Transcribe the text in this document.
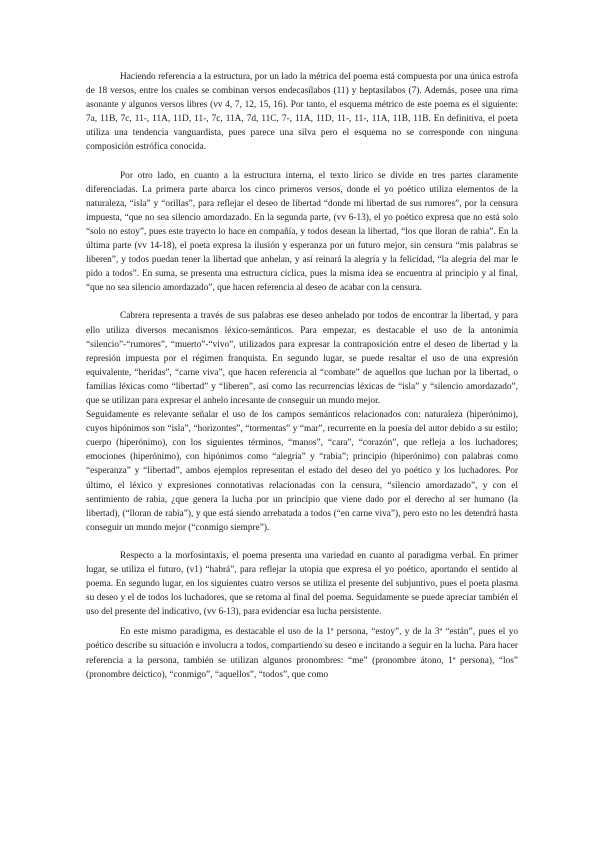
Haciendo referencia a la estructura, por un lado la métrica del poema está compuesta por una única estrofa de 18 versos, entre los cuales se combinan versos endecasílabos (11) y heptasílabos (7). Además, posee una rima asonante y algunos versos libres (vv 4, 7, 12, 15, 16). Por tanto, el esquema métrico de este poema es el siguiente: 7a, 11B, 7c, 11-, 11A, 11D, 11-, 7c, 11A, 7d, 11C, 7-, 11A, 11D, 11-, 11-, 11A, 11B, 11B. En definitiva, el poeta utiliza una tendencia vanguardista, pues parece una silva pero el esquema no se corresponde con ninguna composición estrófica conocida.

Por otro lado, en cuanto a la estructura interna, el texto lírico se divide en tres partes claramente diferenciadas. La primera parte abarca los cinco primeros versos, donde el yo poético utiliza elementos de la naturaleza, “isla” y “orillas”, para reflejar el deseo de libertad “donde mi libertad de sus rumores”, por la censura impuesta, “que no sea silencio amordazado. En la segunda parte, (vv 6-13), el yo poético expresa que no está solo “solo no estoy”, pues este trayecto lo hace en compañía, y todos desean la libertad, “los que lloran de rabia”. En la última parte (vv 14-18), el poeta expresa la ilusión y esperanza por un futuro mejor, sin censura “mis palabras se liberen”, y todos puedan tener la libertad que anhelan, y así reinará la alegría y la felicidad, “la alegría del mar le pido a todos”. En suma, se presenta una estructura cíclica, pues la misma idea se encuentra al principio y al final, “que no sea silencio amordazado”, que hacen referencia al deseo de acabar con la censura.

Cabrera representa a través de sus palabras ese deseo anhelado por todos de encontrar la libertad, y para ello utiliza diversos mecanismos léxico-semánticos. Para empezar, es destacable el uso de la antonimia “silencio”-“rumores”, “muerto”-“vivo”, utilizados para expresar la contraposición entre el deseo de libertad y la represión impuesta por el régimen franquista. En segundo lugar, se puede resaltar el uso de una expresión equivalente, “heridas”, “carne viva”, que hacen referencia al “combate” de aquellos que luchan por la libertad, o familias léxicas como “libertad” y “liberen”, así como las recurrencias léxicas de “isla” y “silencio amordazado”, que se utilizan para expresar el anhelo incesante de conseguir un mundo mejor.

Seguidamente es relevante señalar el uso de los campos semánticos relacionados con: naturaleza (hiperónimo), cuyos hipónimos son “isla”, “horizontes”, “tormentas” y “mar”, recurrente en la poesía del autor debido a su estilo; cuerpo (hiperónimo), con los siguientes términos, “manos”, “cara”, “corazón”, que refleja a los luchadores; emociones (hiperónimo), con hipónimos como “alegría” y “rabia”; principio (hiperónimo) con palabras como “esperanza” y “libertad”, ambos ejemplos representan el estado del deseo del yo poético y los luchadores. Por último, el léxico y expresiones connotativas relacionadas con la censura, “silencio amordazado”, y con el sentimiento de rabia, ¿que genera la lucha por un principio que viene dado por el derecho al ser humano (la libertad), (“lloran de rabia”), y que está siendo arrebatada a todos (“en carne viva”), pero esto no les detendrá hasta conseguir un mundo mejor (“conmigo siempre”).

Respecto a la morfosintaxis, el poema presenta una variedad en cuanto al paradigma verbal. En primer lugar, se utiliza el futuro, (v1) “habrá”, para reflejar la utopía que expresa el yo poético, aportando el sentido al poema. En segundo lugar, en los siguientes cuatro versos se utiliza el presente del subjuntivo, pues el poeta plasma su deseo y el de todos los luchadores, que se retoma al final del poema. Seguidamente se puede apreciar también el uso del presente del indicativo, (vv 6-13), para evidenciar esa lucha persistente.

En este mismo paradigma, es destacable el uso de la 1ª persona, “estoy”, y de la 3ª “están”, pues el yo poético describe su situación e involucra a todos, compartiendo su deseo e incitando a seguir en la lucha. Para hacer referencia a la persona, también se utilizan algunos pronombres: “me” (pronombre átono, 1ª persona), “los” (pronombre deíctico), “conmigo”, “aquellos”, “todos”, que como
